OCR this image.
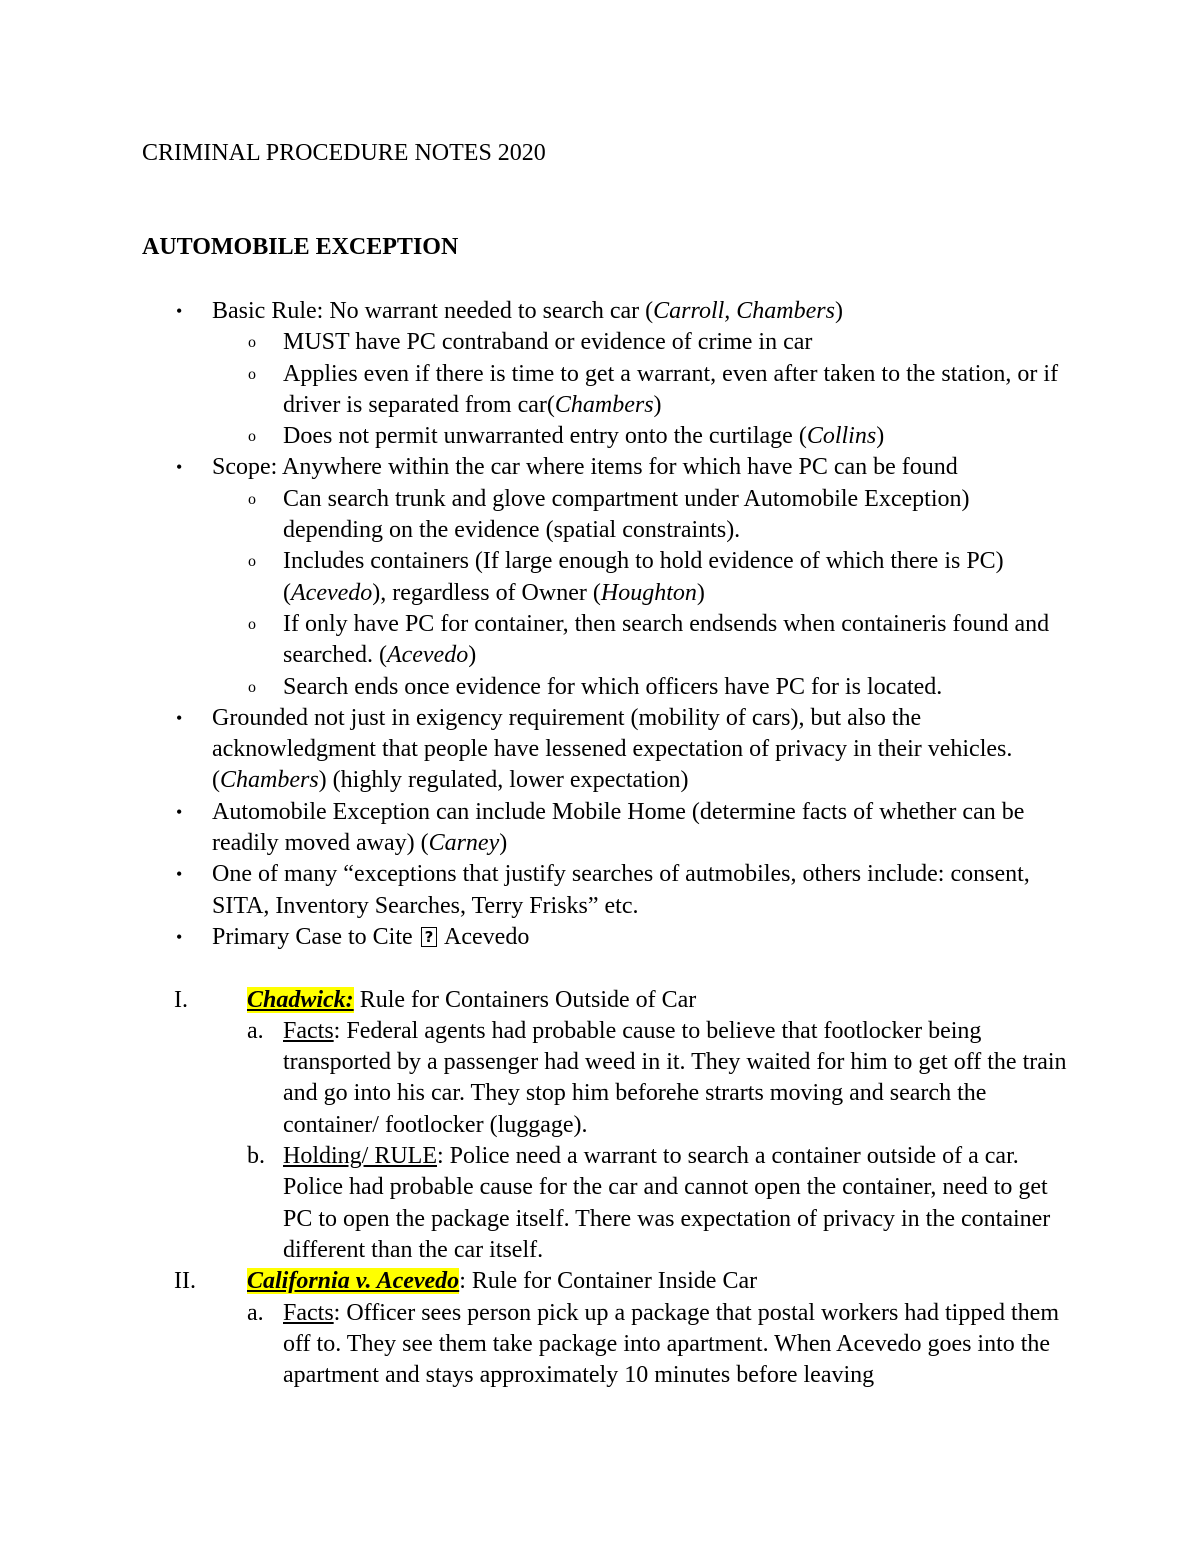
CRIMINAL PROCEDURE NOTES 2020
AUTOMOBILE EXCEPTION
• Basic Rule: No warrant needed to search car (Carroll, Chambers)
o MUST have PC contraband or evidence of crime in car
o Applies even if there is time to get a warrant, even after taken to the station, or if driver is separated from car(Chambers)
o Does not permit unwarranted entry onto the curtilage (Collins)
• Scope: Anywhere within the car where items for which have PC can be found
o Can search trunk and glove compartment under Automobile Exception) depending on the evidence (spatial constraints).
o Includes containers (If large enough to hold evidence of which there is PC) (Acevedo), regardless of Owner (Houghton)
o If only have PC for container, then search endsends when containeris found and searched. (Acevedo)
o Search ends once evidence for which officers have PC for is located.
• Grounded not just in exigency requirement (mobility of cars), but also the acknowledgment that people have lessened expectation of privacy in their vehicles. (Chambers) (highly regulated, lower expectation)
• Automobile Exception can include Mobile Home (determine facts of whether can be readily moved away) (Carney)
• One of many “exceptions that justify searches of autmobiles, others include: consent, SITA, Inventory Searches, Terry Frisks” etc.
• Primary Case to Cite ? Acevedo
I. Chadwick: Rule for Containers Outside of Car
a. Facts: Federal agents had probable cause to believe that footlocker being transported by a passenger had weed in it. They waited for him to get off the train and go into his car. They stop him beforehe strarts moving and search the container/ footlocker (luggage).
b. Holding/ RULE: Police need a warrant to search a container outside of a car. Police had probable cause for the car and cannot open the container, need to get PC to open the package itself. There was expectation of privacy in the container different than the car itself.
II. California v. Acevedo: Rule for Container Inside Car
a. Facts: Officer sees person pick up a package that postal workers had tipped them off to. They see them take package into apartment. When Acevedo goes into the apartment and stays approximately 10 minutes before leaving
